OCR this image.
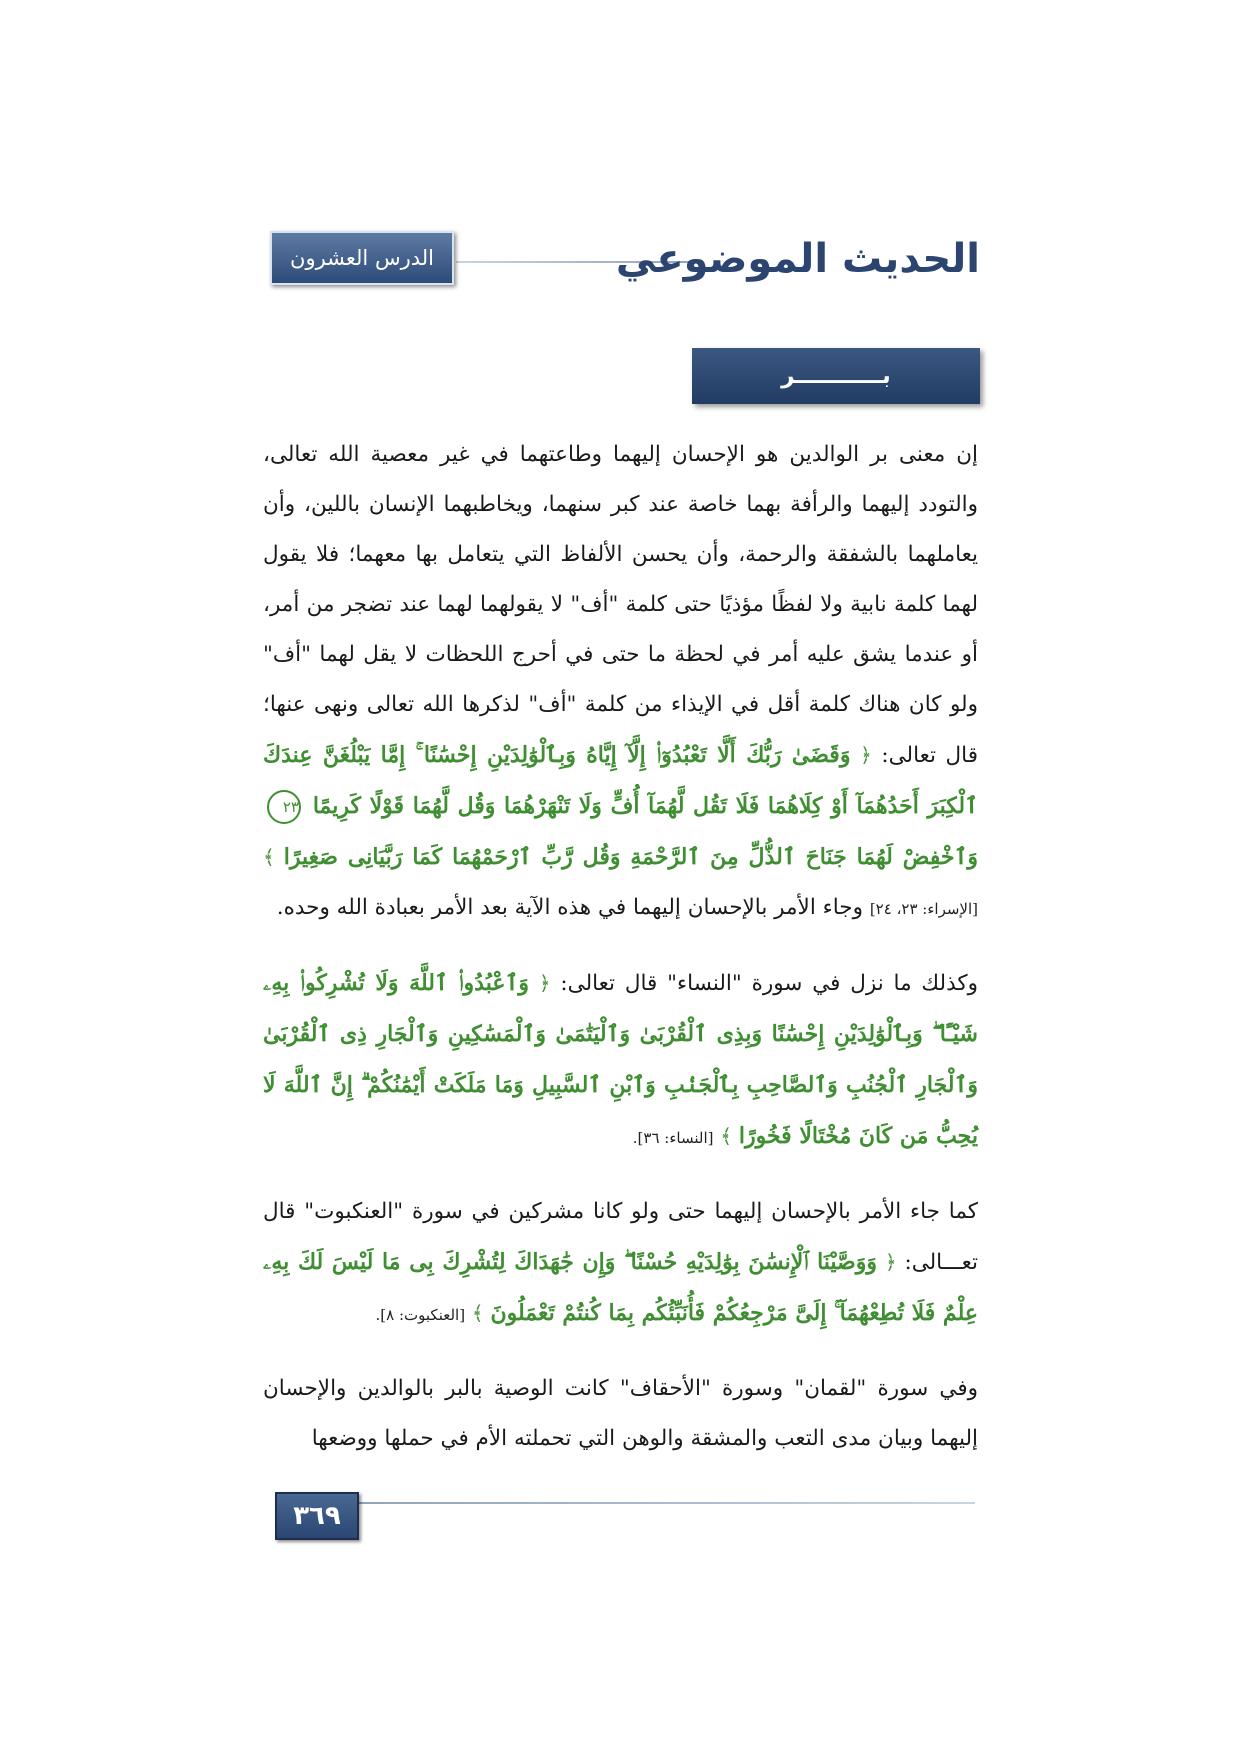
الحديث الموضوعي
الدرس العشرون
بـــــــــــر الوالــــــــــــدين

إن معنى بر الوالدين هو الإحسان إليهما وطاعتهما في غير معصية الله تعالى، والتودد إليهما والرأفة بهما خاصة عند كبر سنهما، ويخاطبهما الإنسان باللين، وأن يعاملهما بالشفقة والرحمة، وأن يحسن الألفاظ التي يتعامل بها معهما؛ فلا يقول لهما كلمة نابية ولا لفظًا مؤذيًا حتى كلمة "أف" لا يقولهما لهما عند تضجر من أمر، أو عندما يشق عليه أمر في لحظة ما حتى في أحرج اللحظات لا يقل لهما "أف" ولو كان هناك كلمة أقل في الإيذاء من كلمة "أف" لذكرها الله تعالى ونهى عنها؛ قال تعالى: ﴿ وَقَضَىٰ رَبُّكَ أَلَّا تَعْبُدُوٓا۟ إِلَّآ إِيَّاهُ وَبِٱلْوَٰلِدَيْنِ إِحْسَٰنًا ۚ إِمَّا يَبْلُغَنَّ عِندَكَ ٱلْكِبَرَ أَحَدُهُمَآ أَوْ كِلَاهُمَا فَلَا تَقُل لَّهُمَآ أُفٍّ وَلَا تَنْهَرْهُمَا وَقُل لَّهُمَا قَوْلًا كَرِيمًا ٢٣ وَٱخْفِضْ لَهُمَا جَنَاحَ ٱلذُّلِّ مِنَ ٱلرَّحْمَةِ وَقُل رَّبِّ ٱرْحَمْهُمَا كَمَا رَبَّيَانِى صَغِيرًا ﴾ [الإسراء: ٢٣، ٢٤] وجاء الأمر بالإحسان إليهما في هذه الآية بعد الأمر بعبادة الله وحده.

وكذلك ما نزل في سورة "النساء" قال تعالى: ﴿ وَٱعْبُدُوا۟ ٱللَّهَ وَلَا تُشْرِكُوا۟ بِهِۦ شَيْـًٔا ۖ وَبِٱلْوَٰلِدَيْنِ إِحْسَٰنًا وَبِذِى ٱلْقُرْبَىٰ وَٱلْيَتَٰمَىٰ وَٱلْمَسَٰكِينِ وَٱلْجَارِ ذِى ٱلْقُرْبَىٰ وَٱلْجَارِ ٱلْجُنُبِ وَٱلصَّاحِبِ بِٱلْجَنۢبِ وَٱبْنِ ٱلسَّبِيلِ وَمَا مَلَكَتْ أَيْمَٰنُكُمْ ۗ إِنَّ ٱللَّهَ لَا يُحِبُّ مَن كَانَ مُخْتَالًا فَخُورًا ﴾ [النساء: ٣٦].

كما جاء الأمر بالإحسان إليهما حتى ولو كانا مشركين في سورة "العنكبوت" قال تعـــالى: ﴿ وَوَصَّيْنَا ٱلْإِنسَٰنَ بِوَٰلِدَيْهِ حُسْنًا ۖ وَإِن جَٰهَدَاكَ لِتُشْرِكَ بِى مَا لَيْسَ لَكَ بِهِۦ عِلْمٌ فَلَا تُطِعْهُمَآ ۚ إِلَىَّ مَرْجِعُكُمْ فَأُنَبِّئُكُم بِمَا كُنتُمْ تَعْمَلُونَ ﴾ [العنكبوت: ٨].

وفي سورة "لقمان" وسورة "الأحقاف" كانت الوصية بالبر بالوالدين والإحسان إليهما وبيان مدى التعب والمشقة والوهن التي تحملته الأم في حملها ووضعها

٣٦٩
